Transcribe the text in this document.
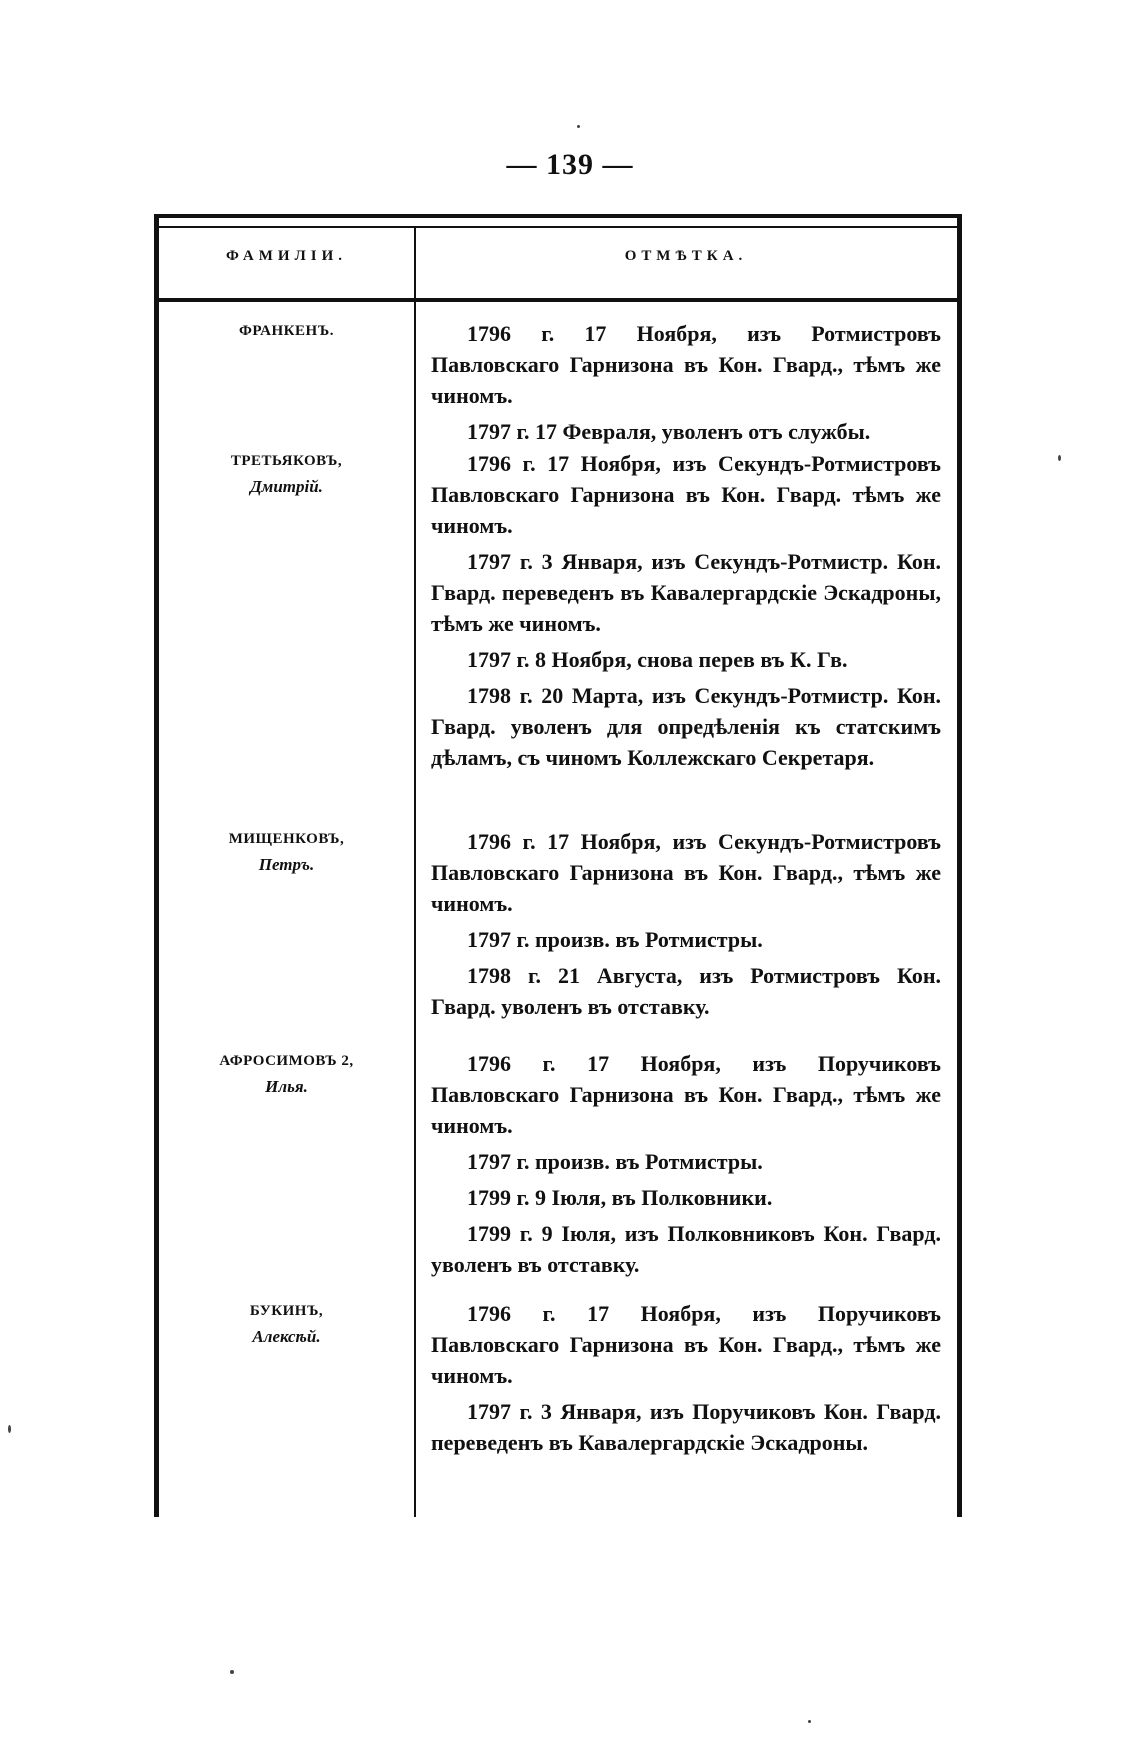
— 139 —
ФАМИЛІИ.	ОТМѢТКА.
ФРАНКЕНЪ.	1796 г. 17 Ноября, изъ Ротмистровъ Павловскаго Гарнизона въ Кон. Гвард., тѣмъ же чиномъ.

1797 г. 17 Февраля, уволенъ отъ службы.

ТРЕТЬЯКОВЪ,
Дмитрій.

1796 г. 17 Ноября, изъ Секундъ-Ротмистровъ Павловскаго Гарнизона въ Кон. Гвард. тѣмъ же чиномъ.

1797 г. 3 Января, изъ Секундъ-Ротмистр. Кон. Гвард. переведенъ въ Кавалергардскіе Эскадроны, тѣмъ же чиномъ.

1797 г. 8 Ноября, снова перев въ К. Гв.

1798 г. 20 Марта, изъ Секундъ-Ротмистр. Кон. Гвард. уволенъ для опредѣленія къ статскимъ дѣламъ, съ чиномъ Коллежскаго Секретаря.

МИЩЕНКОВЪ,
Петръ.

1796 г. 17 Ноября, изъ Секундъ-Ротмистровъ Павловскаго Гарнизона въ Кон. Гвард., тѣмъ же чиномъ.

1797 г. произв. въ Ротмистры.

1798 г. 21 Августа, изъ Ротмистровъ Кон. Гвард. уволенъ въ отставку.

АФРОСИМОВЪ 2,
Илья.

1796 г. 17 Ноября, изъ Поручиковъ Павловскаго Гарнизона въ Кон. Гвард., тѣмъ же чиномъ.

1797 г. произв. въ Ротмистры.

1799 г. 9 Іюля, въ Полковники.

1799 г. 9 Іюля, изъ Полковниковъ Кон. Гвард. уволенъ въ отставку.

БУКИНЪ,
Алексѣй.

1796 г. 17 Ноября, изъ Поручиковъ Павловскаго Гарнизона въ Кон. Гвард., тѣмъ же чиномъ.

1797 г. 3 Января, изъ Поручиковъ Кон. Гвард. переведенъ въ Кавалергардскіе Эскадроны.
